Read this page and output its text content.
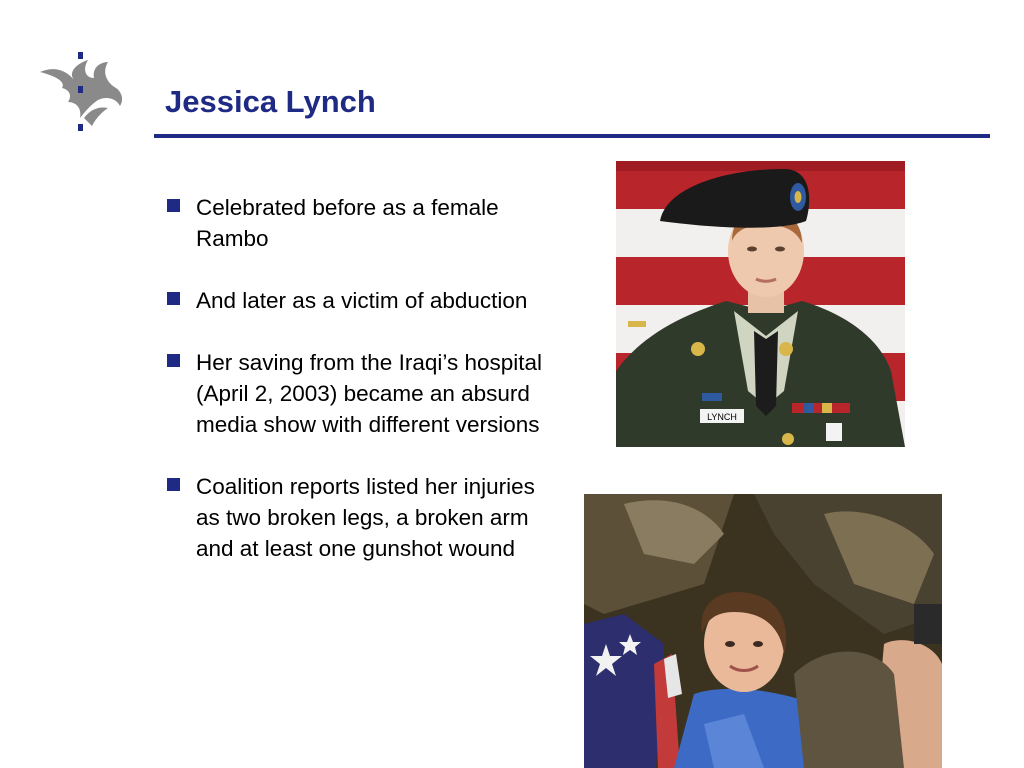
Jessica Lynch
Celebrated before as a female Rambo
And later as a victim of abduction
Her saving from the Iraqi’s hospital (April 2, 2003) became an absurd media show with different versions
Coalition reports listed her injuries as two broken legs, a broken arm and at least one gunshot wound
LYNCH
